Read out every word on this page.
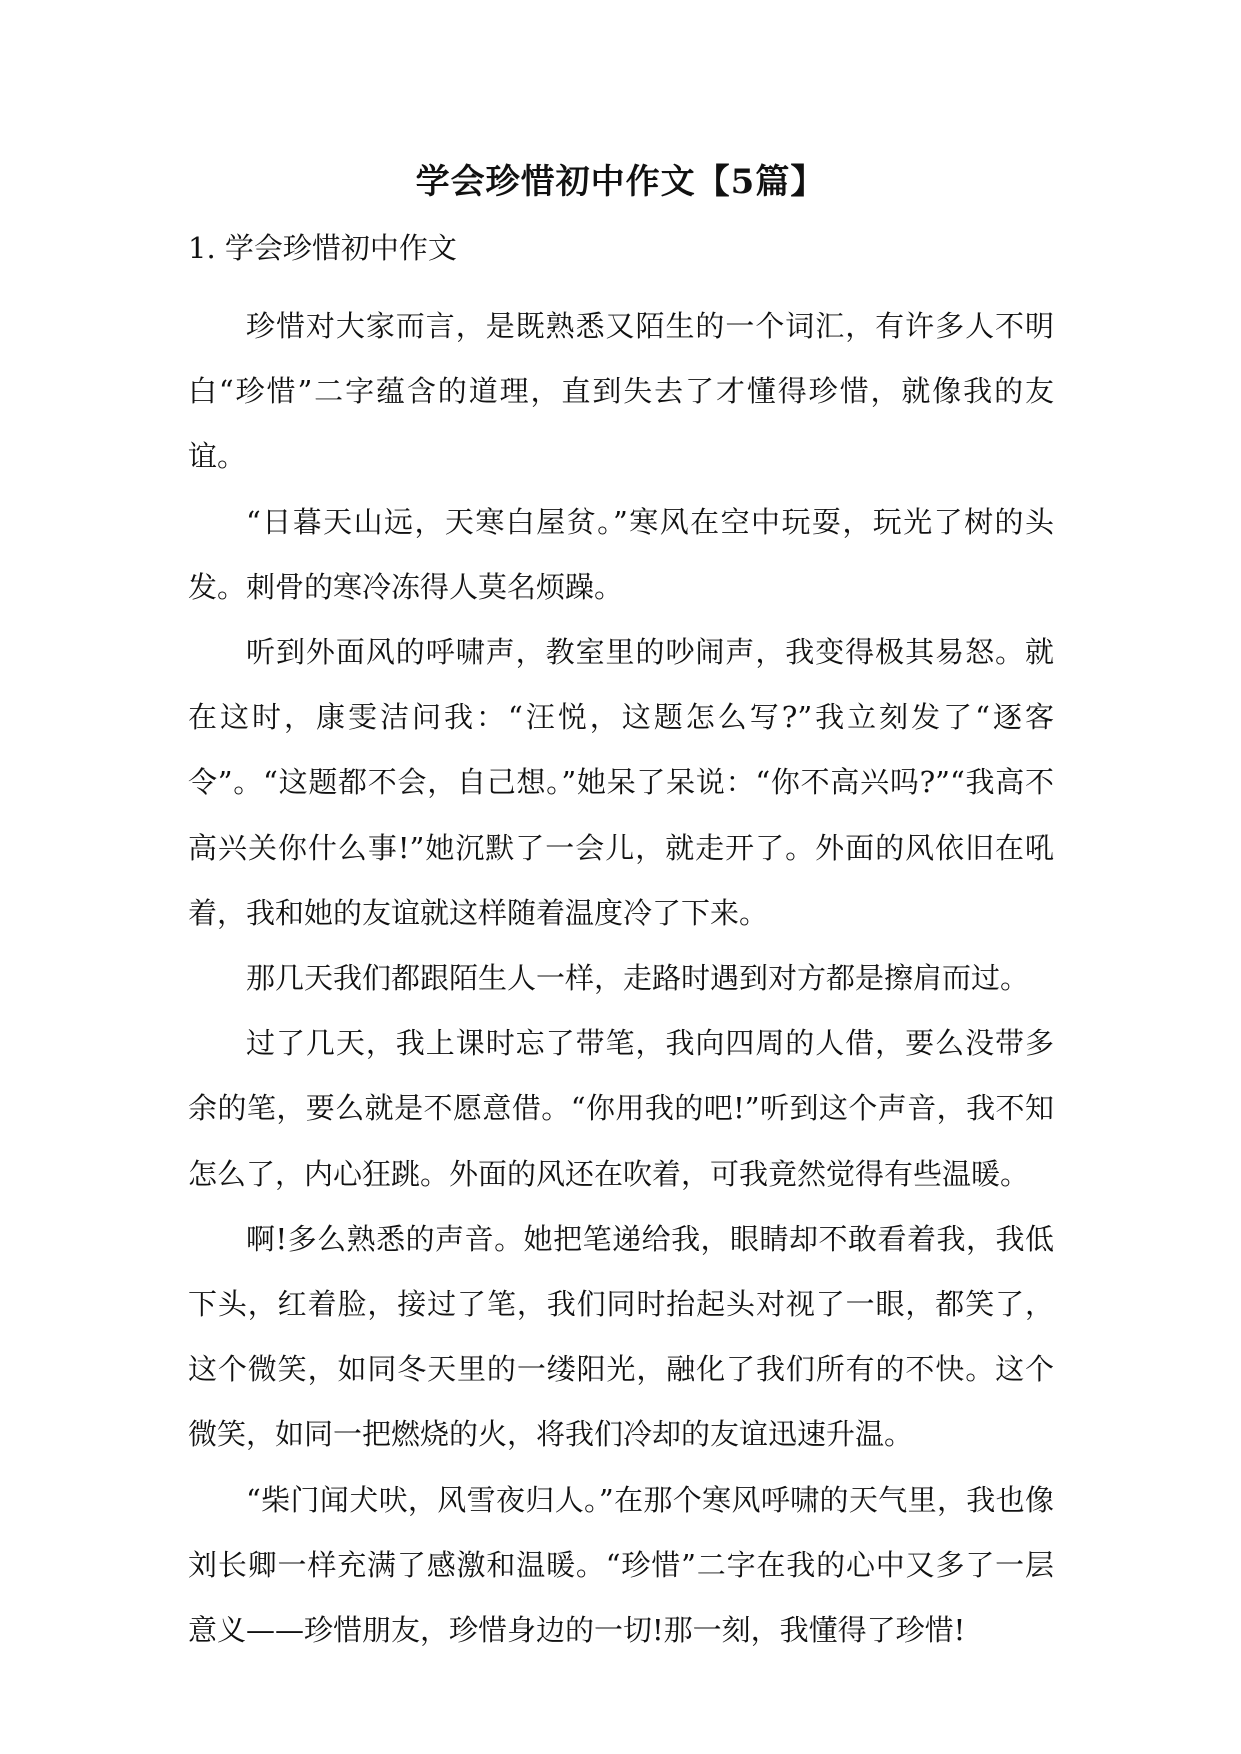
学会珍惜初中作文【5篇】
1. 学会珍惜初中作文

珍惜对大家而言，是既熟悉又陌生的一个词汇，有许多人不明白“珍惜”二字蕴含的道理，直到失去了才懂得珍惜，就像我的友谊。

“日暮天山远，天寒白屋贫。”寒风在空中玩耍，玩光了树的头发。刺骨的寒冷冻得人莫名烦躁。

听到外面风的呼啸声，教室里的吵闹声，我变得极其易怒。就在这时，康雯洁问我：“汪悦，这题怎么写?”我立刻发了“逐客令”。“这题都不会，自己想。”她呆了呆说：“你不高兴吗?”“我高不高兴关你什么事!”她沉默了一会儿，就走开了。外面的风依旧在吼着，我和她的友谊就这样随着温度冷了下来。

那几天我们都跟陌生人一样，走路时遇到对方都是擦肩而过。

过了几天，我上课时忘了带笔，我向四周的人借，要么没带多余的笔，要么就是不愿意借。“你用我的吧!”听到这个声音，我不知怎么了，内心狂跳。外面的风还在吹着，可我竟然觉得有些温暖。

啊!多么熟悉的声音。她把笔递给我，眼睛却不敢看着我，我低下头，红着脸，接过了笔，我们同时抬起头对视了一眼，都笑了，这个微笑，如同冬天里的一缕阳光，融化了我们所有的不快。这个微笑，如同一把燃烧的火，将我们冷却的友谊迅速升温。

“柴门闻犬吠，风雪夜归人。”在那个寒风呼啸的天气里，我也像刘长卿一样充满了感激和温暖。“珍惜”二字在我的心中又多了一层意义——珍惜朋友，珍惜身边的一切!那一刻，我懂得了珍惜!
